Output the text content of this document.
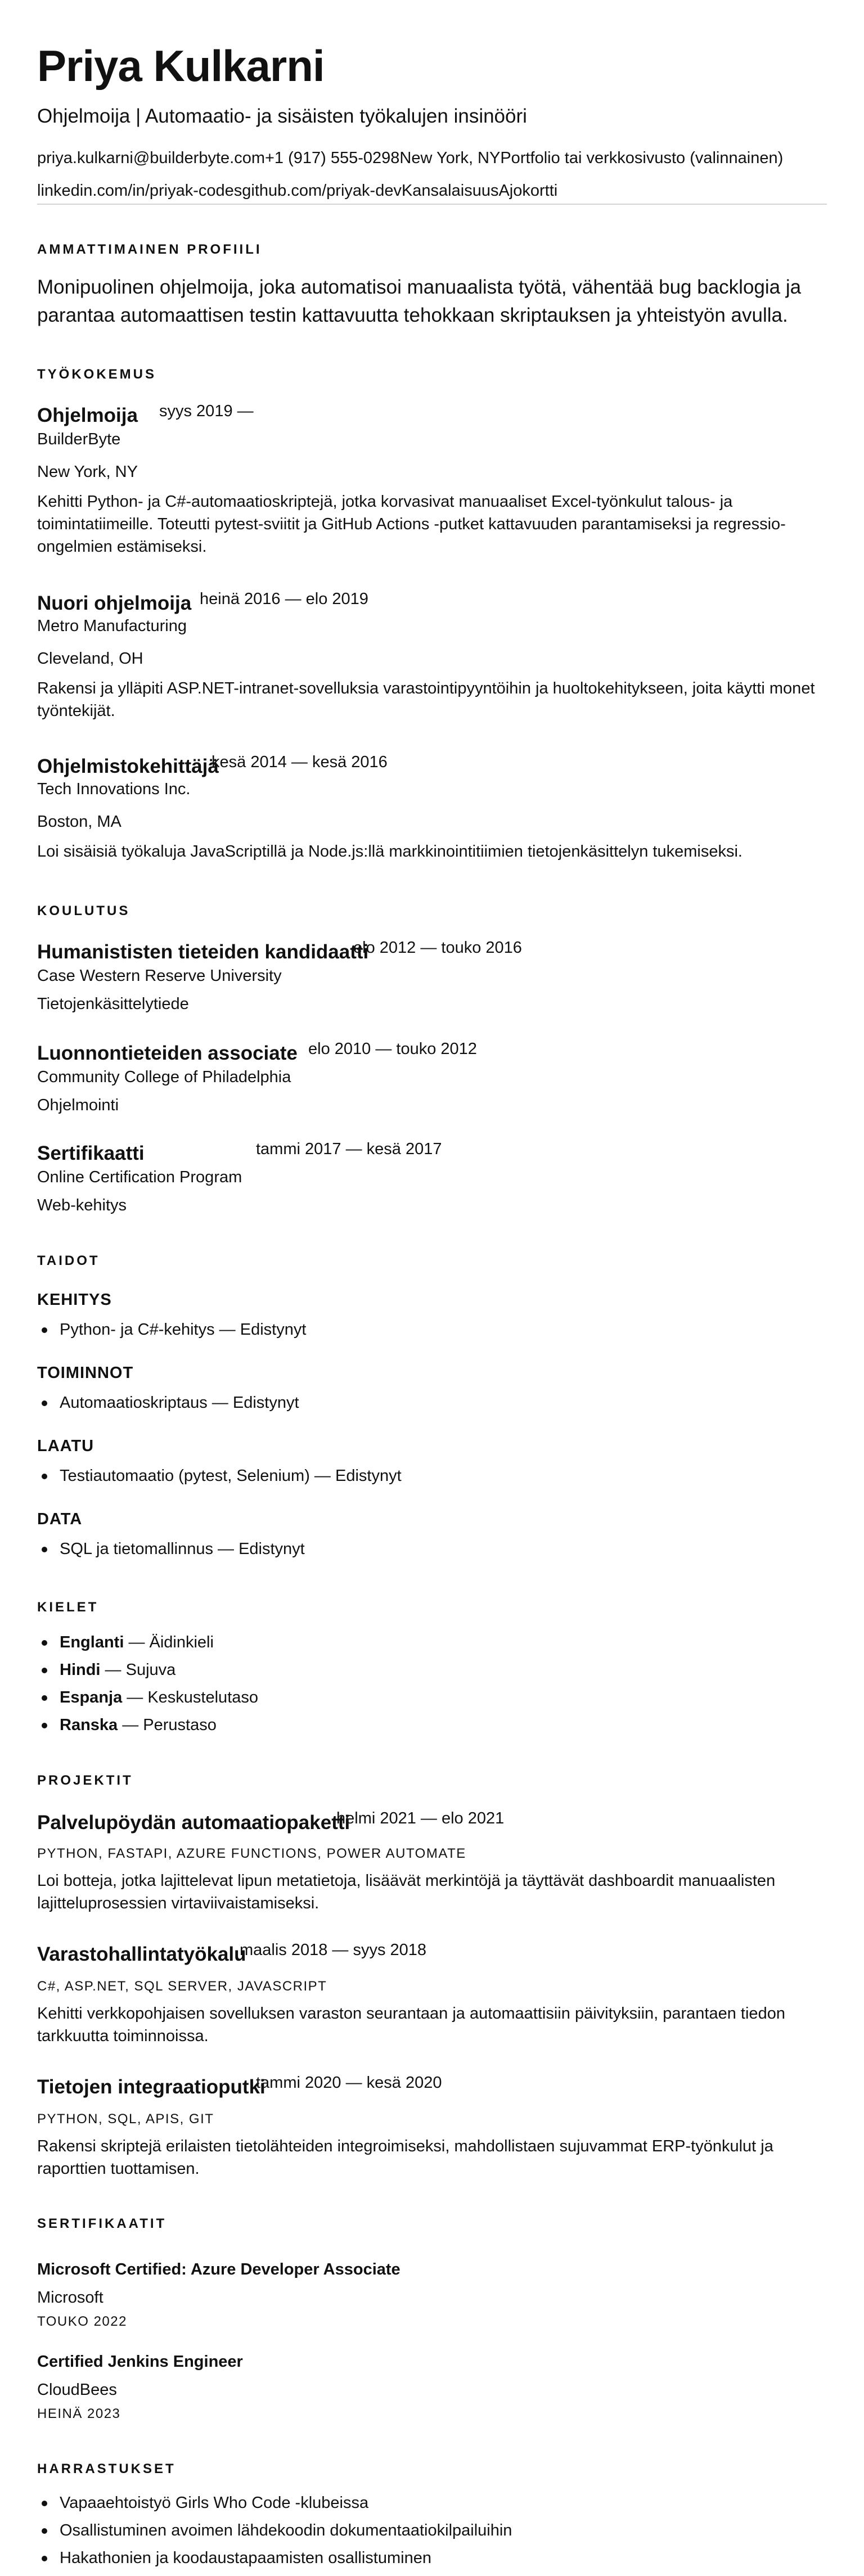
Priya Kulkarni
Ohjelmoija | Automaatio- ja sisäisten työkalujen insinööri
priya.kulkarni@builderbyte.com+1 (917) 555-0298New York, NYPortfolio tai verkkosivusto (valinnainen)
linkedin.com/in/priyak-codesgithub.com/priyak-devKansalaisuusAjokortti
AMMATTIMAINEN PROFIILI
Monipuolinen ohjelmoija, joka automatisoi manuaalista työtä, vähentää bug backlogia ja parantaa automaattisen testin kattavuutta tehokkaan skriptauksen ja yhteistyön avulla.
TYÖKOKEMUS
Ohjelmoija syys 2019 —
BuilderByte
New York, NY
Kehitti Python- ja C#-automaatioskriptejä, jotka korvasivat manuaaliset Excel-työnkulut talous- ja toimintatiimeille. Toteutti pytest-sviitit ja GitHub Actions -putket kattavuuden parantamiseksi ja regressio-ongelmien estämiseksi.
Nuori ohjelmoija heinä 2016 — elo 2019
Metro Manufacturing
Cleveland, OH
Rakensi ja ylläpiti ASP.NET-intranet-sovelluksia varastointipyyntöihin ja huoltokehitykseen, joita käytti monet työntekijät.
Ohjelmistokehittäjä
kesä 2014 — kesä 2016
Tech Innovations Inc.
Boston, MA
Loi sisäisiä työkaluja JavaScriptillä ja Node.js:llä markkinointitiimien tietojenkäsittelyn tukemiseksi.
KOULUTUS
Humanististen tieteiden kandidaatti
elo 2012 — touko 2016
Case Western Reserve University
Tietojenkäsittelytiede
Luonnontieteiden associate elo 2010 — touko 2012
Community College of Philadelphia
Ohjelmointi
Sertifikaatti	tammi 2017 — kesä 2017
Online Certification Program
Web-kehitys
TAIDOT
KEHITYS
Python- ja C#-kehitys — Edistynyt
TOIMINNOT
Automaatioskriptaus — Edistynyt
LAATU
Testiautomaatio (pytest, Selenium) — Edistynyt
DATA
SQL ja tietomallinnus — Edistynyt
KIELET
Englanti — Äidinkieli
Hindi — Sujuva
Espanja — Keskustelutaso
Ranska — Perustaso
PROJEKTIT
Palvelupöydän automaatiopaketti
helmi 2021 — elo 2021
PYTHON, FASTAPI, AZURE FUNCTIONS, POWER AUTOMATE
Loi botteja, jotka lajittelevat lipun metatietoja, lisäävät merkintöjä ja täyttävät dashboardit manuaalisten lajitteluprosessien virtaviivaistamiseksi.
Varastohallintatyökalu
maalis 2018 — syys 2018
C#, ASP.NET, SQL SERVER, JAVASCRIPT
Kehitti verkkopohjaisen sovelluksen varaston seurantaan ja automaattisiin päivityksiin, parantaen tiedon tarkkuutta toiminnoissa.
Tietojen integraatioputki
tammi 2020 — kesä 2020
PYTHON, SQL, APIS, GIT
Rakensi skriptejä erilaisten tietolähteiden integroimiseksi, mahdollistaen sujuvammat ERP-työnkulut ja raporttien tuottamisen.
SERTIFIKAATIT
Microsoft Certified: Azure Developer Associate
Microsoft
TOUKO 2022
Certified Jenkins Engineer
CloudBees
HEINÄ 2023
HARRASTUKSET
Vapaaehtoistyö Girls Who Code -klubeissa
Osallistuminen avoimen lähdekoodin dokumentaatiokilpailuihin
Hakathonien ja koodaustapaamisten osallistuminen
